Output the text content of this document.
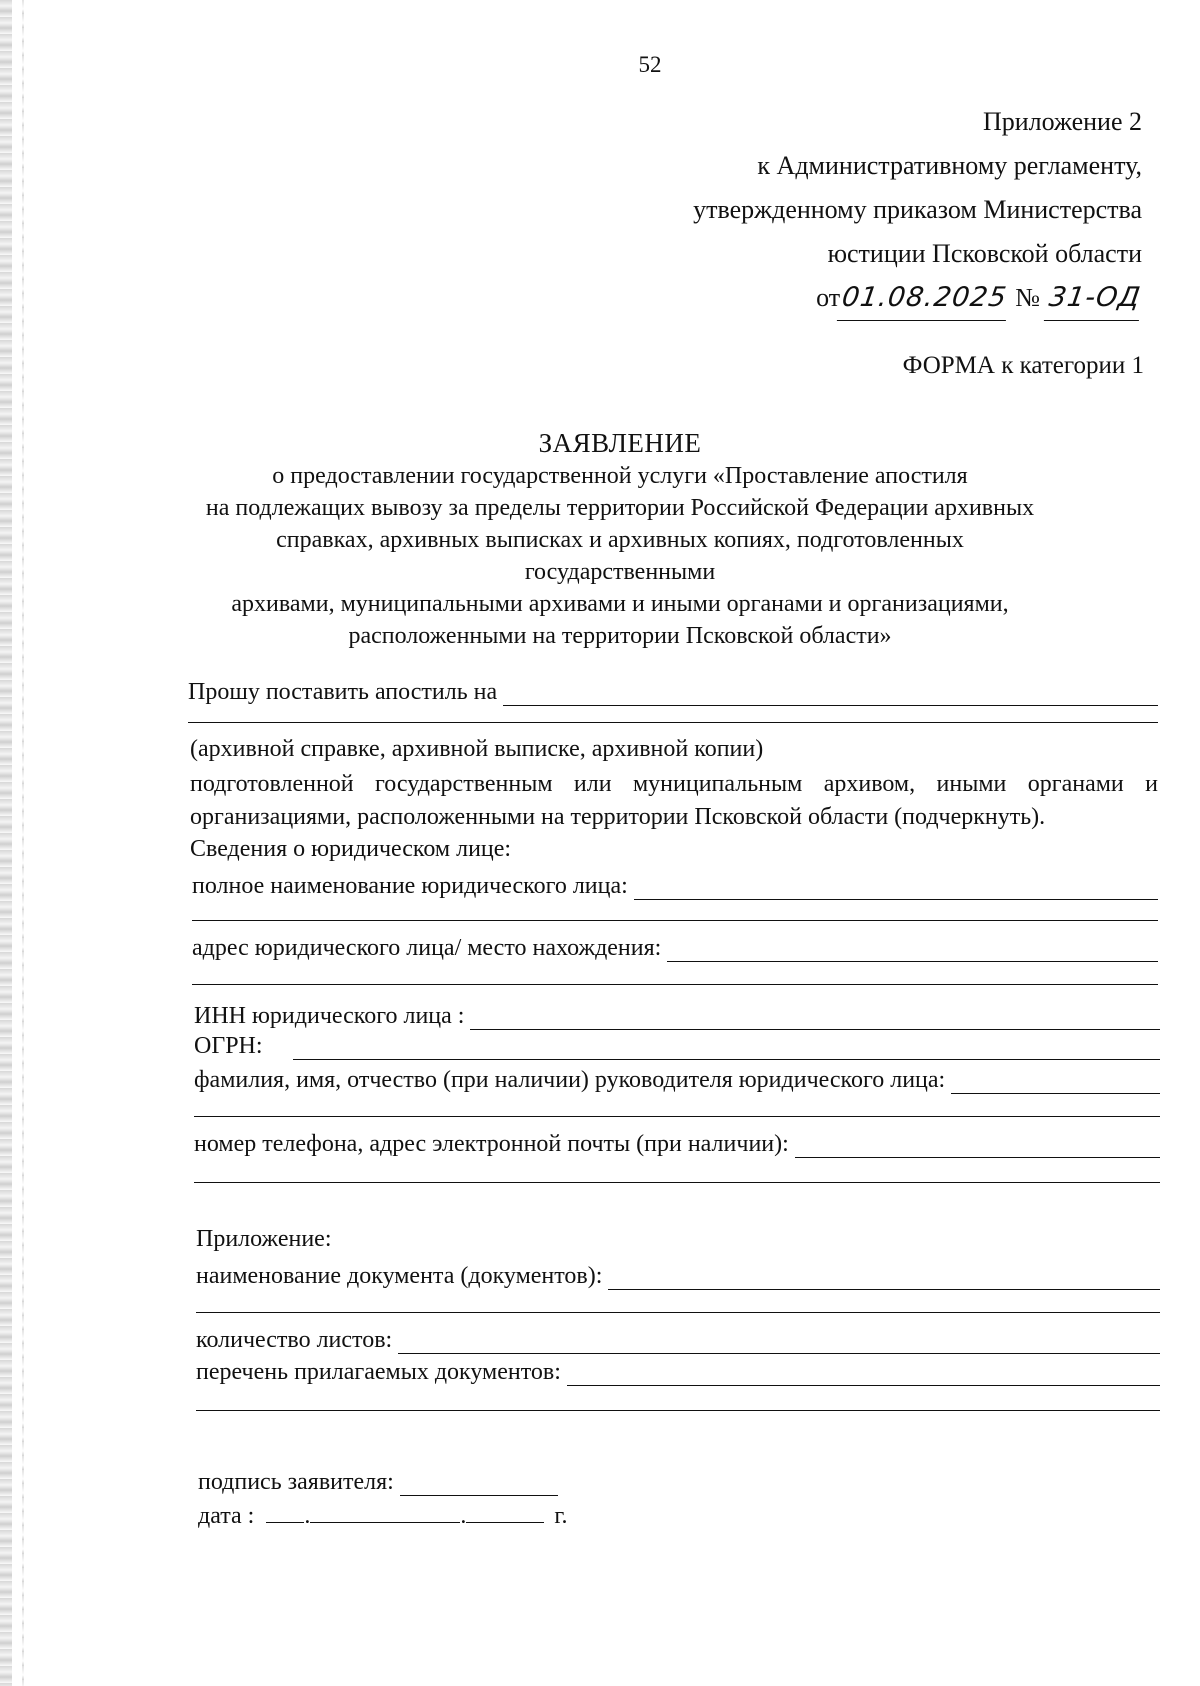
52
Приложение 2
к Административному регламенту,
утвержденному приказом Министерства
юстиции Псковской области
от01.08.2025 № 31-ОД
ФОРМА к категории 1
ЗАЯВЛЕНИЕ
о предоставлении государственной услуги «Проставление апостиля
на подлежащих вывозу за пределы территории Российской Федерации архивных
справках, архивных выписках и архивных копиях, подготовленных государственными
архивами, муниципальными архивами и иными органами и организациями,
расположенными на территории Псковской области»
Прошу поставить апостиль на
(архивной справке, архивной выписке, архивной копии)
подготовленной государственным или муниципальным архивом, иными органами и организациями, расположенными на территории Псковской области (подчеркнуть).
Сведения о юридическом лице:
полное наименование юридического лица:
адрес юридического лица/ место нахождения:
ИНН юридического лица :
ОГРН:
фамилия, имя, отчество (при наличии) руководителя юридического лица:
номер телефона, адрес электронной почты (при наличии):
Приложение:
наименование документа (документов):
количество листов:
перечень прилагаемых документов:
подпись заявителя:
дата : .	.	г.
